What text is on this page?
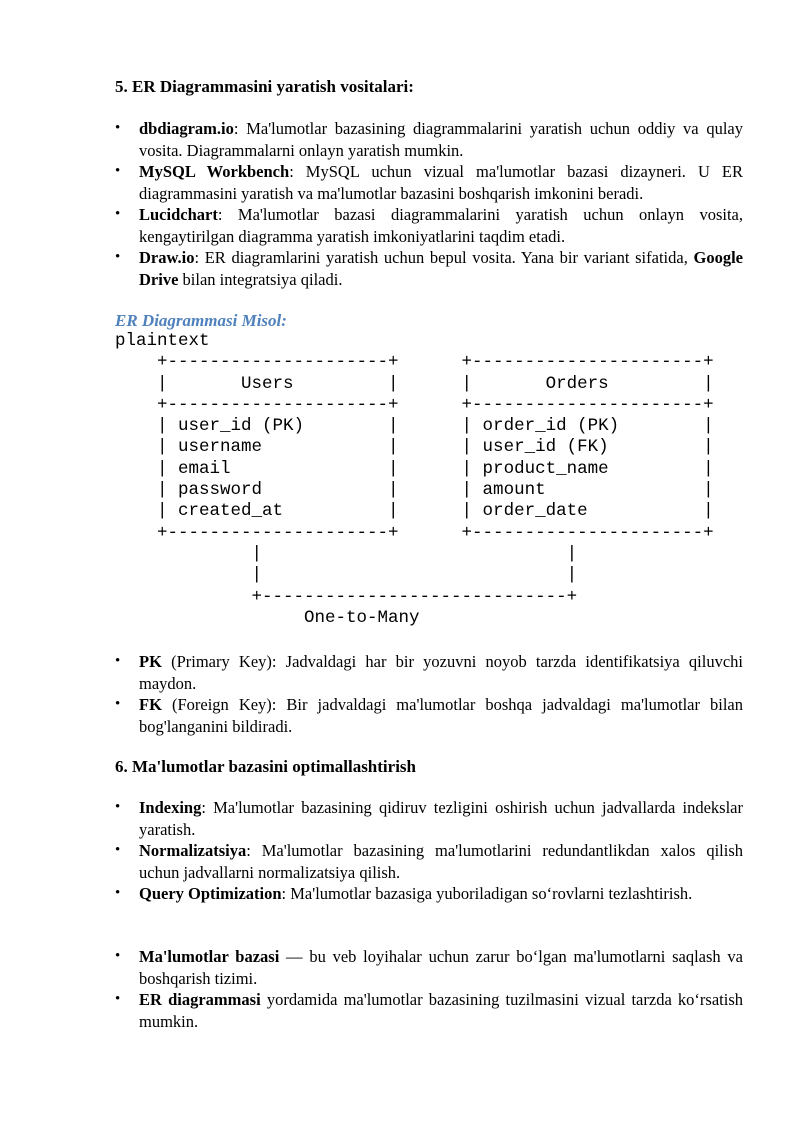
5. ER Diagrammasini yaratish vositalari:
•	dbdiagram.io: Ma'lumotlar bazasining diagrammalarini yaratish uchun oddiy va qulay vosita. Diagrammalarni onlayn yaratish mumkin.
•	MySQL Workbench: MySQL uchun vizual ma'lumotlar bazasi dizayneri. U ER diagrammasini yaratish va ma'lumotlar bazasini boshqarish imkonini beradi.
•	Lucidchart: Ma'lumotlar bazasi diagrammalarini yaratish uchun onlayn vosita, kengaytirilgan diagramma yaratish imkoniyatlarini taqdim etadi.
•	Draw.io: ER diagramlarini yaratish uchun bepul vosita. Yana bir variant sifatida, Google Drive bilan integratsiya qiladi.
ER Diagrammasi Misol:
plaintext
+---------------------+      +----------------------+
|       Users         |      |       Orders         |
+---------------------+      +----------------------+
| user_id (PK)        |      | order_id (PK)        |
| username            |      | user_id (FK)         |
| email               |      | product_name         |
| password            |      | amount               |
| created_at          |      | order_date           |
+---------------------+      +----------------------+
|                             |
|                             |
+-----------------------------+
One-to-Many
•	PK (Primary Key): Jadvaldagi har bir yozuvni noyob tarzda identifikatsiya qiluvchi maydon.
•	FK (Foreign Key): Bir jadvaldagi ma'lumotlar boshqa jadvaldagi ma'lumotlar bilan bog'langanini bildiradi.
6. Ma'lumotlar bazasini optimallashtirish
•	Indexing: Ma'lumotlar bazasining qidiruv tezligini oshirish uchun jadvallarda indekslar yaratish.
•	Normalizatsiya: Ma'lumotlar bazasining ma'lumotlarini redundantlikdan xalos qilish uchun jadvallarni normalizatsiya qilish.
•	Query Optimization: Ma'lumotlar bazasiga yuboriladigan so‘rovlarni tezlashtirish.
•	Ma'lumotlar bazasi — bu veb loyihalar uchun zarur bo‘lgan ma'lumotlarni saqlash va boshqarish tizimi.
•	ER diagrammasi yordamida ma'lumotlar bazasining tuzilmasini vizual tarzda ko‘rsatish mumkin.
